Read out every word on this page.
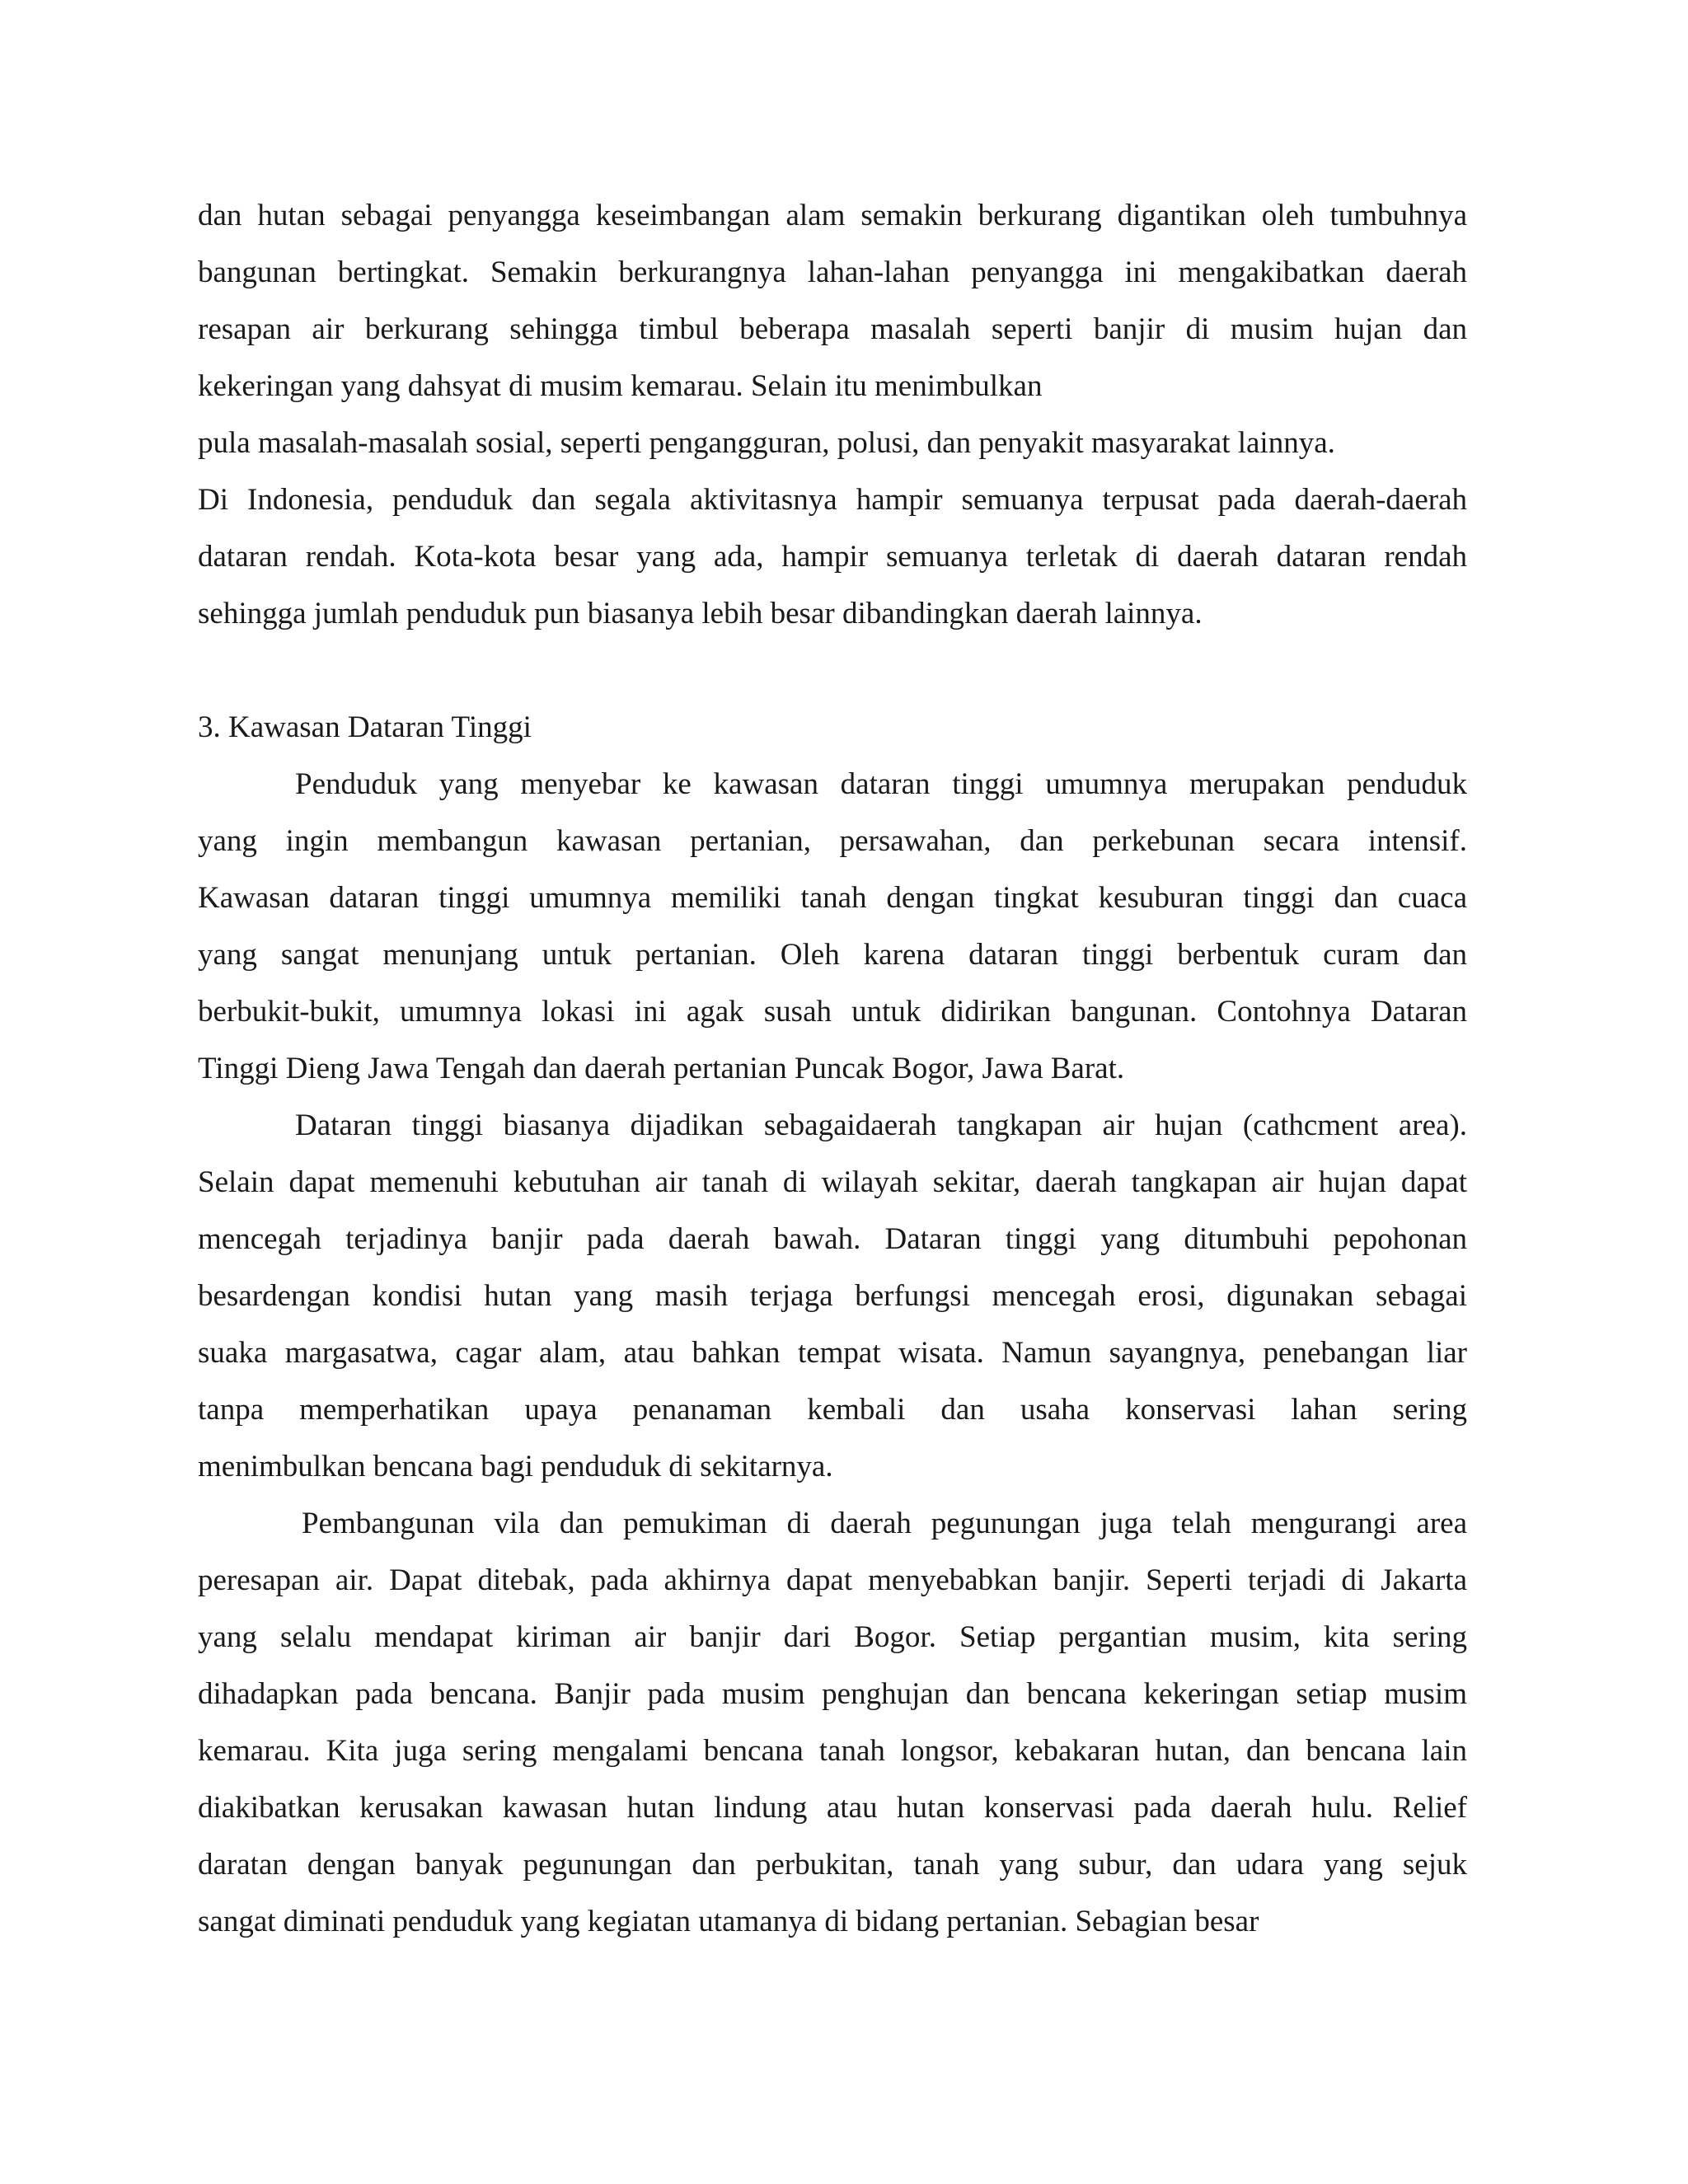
dan hutan sebagai penyangga keseimbangan alam semakin berkurang digantikan oleh tumbuhnya
bangunan bertingkat. Semakin berkurangnya lahan-lahan penyangga ini mengakibatkan daerah
resapan air berkurang sehingga timbul beberapa masalah seperti banjir di musim hujan dan
kekeringan yang dahsyat di musim kemarau. Selain itu menimbulkan
pula masalah-masalah sosial, seperti pengangguran, polusi, dan penyakit masyarakat lainnya.
Di Indonesia, penduduk dan segala aktivitasnya hampir semuanya terpusat pada daerah-daerah
dataran rendah. Kota-kota besar yang ada, hampir semuanya terletak di daerah dataran rendah
sehingga jumlah penduduk pun biasanya lebih besar dibandingkan daerah lainnya.
3. Kawasan Dataran Tinggi
Penduduk yang menyebar ke kawasan dataran tinggi umumnya merupakan penduduk
yang ingin membangun kawasan pertanian, persawahan, dan perkebunan secara intensif.
Kawasan dataran tinggi umumnya memiliki tanah dengan tingkat kesuburan tinggi dan cuaca
yang sangat menunjang untuk pertanian. Oleh karena dataran tinggi berbentuk curam dan
berbukit-bukit, umumnya lokasi ini agak susah untuk didirikan bangunan. Contohnya Dataran
Tinggi Dieng Jawa Tengah dan daerah pertanian Puncak Bogor, Jawa Barat.
Dataran tinggi biasanya dijadikan sebagaidaerah tangkapan air hujan (cathcment area).
Selain dapat memenuhi kebutuhan air tanah di wilayah sekitar, daerah tangkapan air hujan dapat
mencegah terjadinya banjir pada daerah bawah. Dataran tinggi yang ditumbuhi pepohonan
besardengan kondisi hutan yang masih terjaga berfungsi mencegah erosi, digunakan sebagai
suaka margasatwa, cagar alam, atau bahkan tempat wisata. Namun sayangnya, penebangan liar
tanpa memperhatikan upaya penanaman kembali dan usaha konservasi lahan sering
menimbulkan bencana bagi penduduk di sekitarnya.
Pembangunan vila dan pemukiman di daerah pegunungan juga telah mengurangi area
peresapan air. Dapat ditebak, pada akhirnya dapat menyebabkan banjir. Seperti terjadi di Jakarta
yang selalu mendapat kiriman air banjir dari Bogor. Setiap pergantian musim, kita sering
dihadapkan pada bencana. Banjir pada musim penghujan dan bencana kekeringan setiap musim
kemarau. Kita juga sering mengalami bencana tanah longsor, kebakaran hutan, dan bencana lain
diakibatkan kerusakan kawasan hutan lindung atau hutan konservasi pada daerah hulu. Relief
daratan dengan banyak pegunungan dan perbukitan, tanah yang subur, dan udara yang sejuk
sangat diminati penduduk yang kegiatan utamanya di bidang pertanian. Sebagian besar
